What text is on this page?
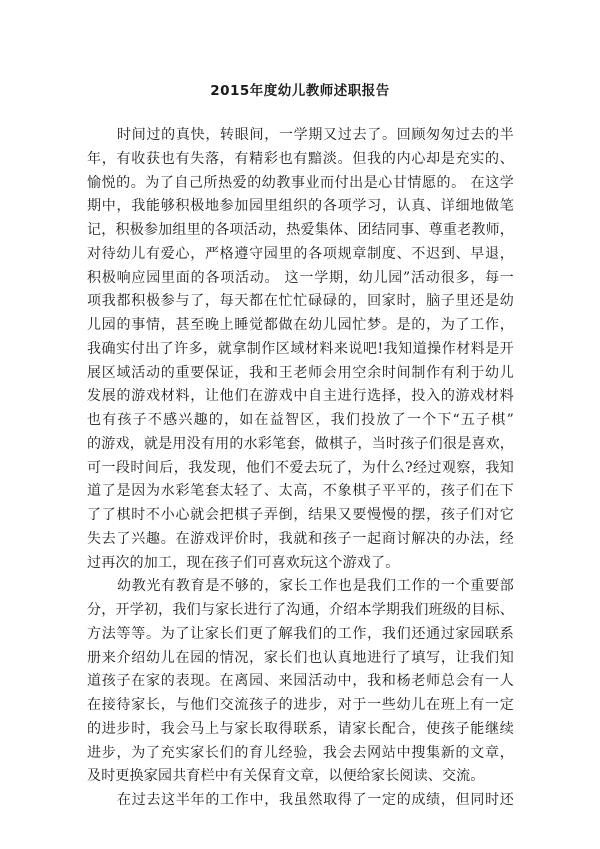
2015年度幼儿教师述职报告
时间过的真快，转眼间，一学期又过去了。回顾匆匆过去的半
年，有收获也有失落，有精彩也有黯淡。但我的内心却是充实的、
愉悦的。为了自己所热爱的幼教事业而付出是心甘情愿的。 在这学
期中，我能够积极地参加园里组织的各项学习，认真、详细地做笔
记，积极参加组里的各项活动，热爱集体、团结同事、尊重老教师，
对待幼儿有爱心，严格遵守园里的各项规章制度、不迟到、早退，
积极响应园里面的各项活动。 这一学期，幼儿园”活动很多，每一
项我都积极参与了，每天都在忙忙碌碌的，回家时，脑子里还是幼
儿园的事情，甚至晚上睡觉都做在幼儿园忙梦。是的，为了工作，
我确实付出了许多，就拿制作区域材料来说吧!我知道操作材料是开
展区域活动的重要保证，我和王老师会用空余时间制作有利于幼儿
发展的游戏材料，让他们在游戏中自主进行选择，投入的游戏材料
也有孩子不感兴趣的，如在益智区，我们投放了一个下“五子棋”
的游戏，就是用没有用的水彩笔套，做棋子，当时孩子们很是喜欢，
可一段时间后，我发现，他们不爱去玩了，为什么?经过观察，我知
道了是因为水彩笔套太轻了、太高，不象棋子平平的，孩子们在下
了了棋时不小心就会把棋子弄倒，结果又要慢慢的摆，孩子们对它
失去了兴趣。在游戏评价时，我就和孩子一起商讨解决的办法，经
过再次的加工，现在孩子们可喜欢玩这个游戏了。
幼教光有教育是不够的，家长工作也是我们工作的一个重要部
分，开学初，我们与家长进行了沟通，介绍本学期我们班级的目标、
方法等等。为了让家长们更了解我们的工作，我们还通过家园联系
册来介绍幼儿在园的情况，家长们也认真地进行了填写，让我们知
道孩子在家的表现。在离园、来园活动中，我和杨老师总会有一人
在接待家长，与他们交流孩子的进步，对于一些幼儿在班上有一定
的进步时，我会马上与家长取得联系，请家长配合，使孩子能继续
进步，为了充实家长们的育儿经验，我会去网站中搜集新的文章，
及时更换家园共育栏中有关保育文章，以便给家长阅读、交流。
在过去这半年的工作中，我虽然取得了一定的成绩，但同时还
